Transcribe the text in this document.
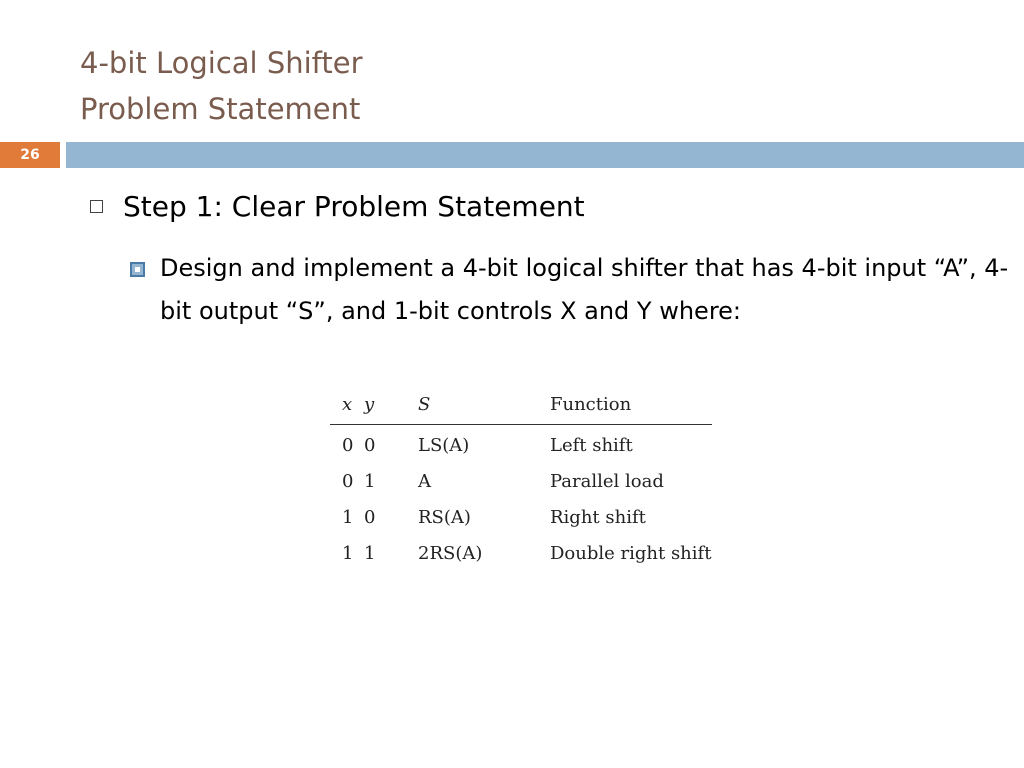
4-bit Logical Shifter
Problem Statement
26
Step 1: Clear Problem Statement
Design and implement a 4-bit logical shifter that has 4-bit input “A”, 4-bit output “S”, and 1-bit controls X and Y where:
x y S	Function
0 0 LS(A)	Left shift
0 1 A	Parallel load
1 0 RS(A)	Right shift
1 1 2RS(A)	Double right shift
